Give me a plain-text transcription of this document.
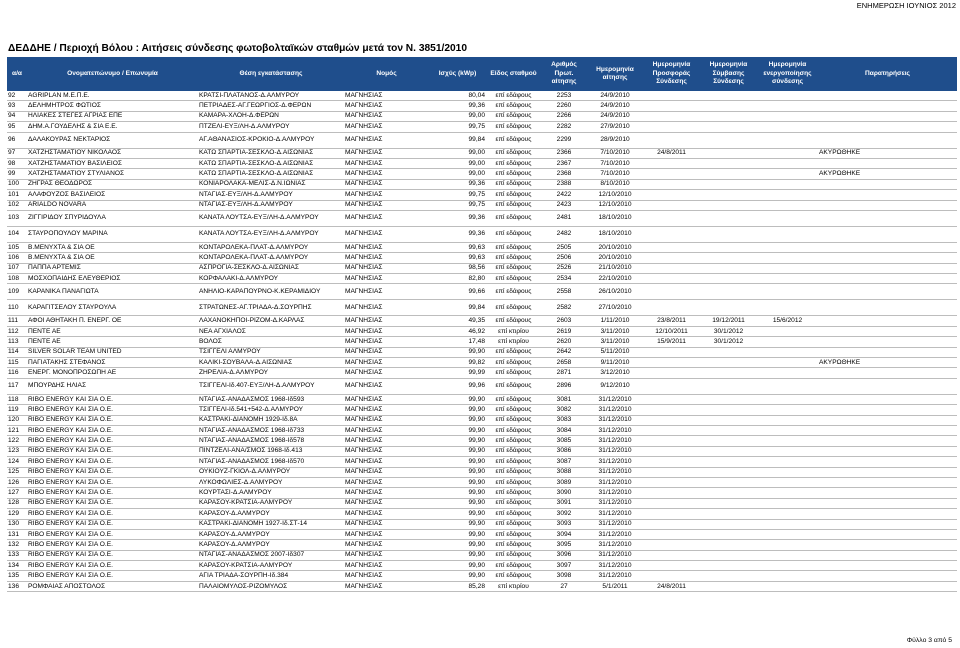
ΕΝΗΜΕΡΩΣΗ ΙΟΥΝΙΟΣ 2012
ΔΕΔΔΗΕ / Περιοχή Βόλου : Αιτήσεις σύνδεσης φωτοβολταϊκών σταθμών μετά τον Ν. 3851/2010
α/α	Ονοματεπώνυμο / Επωνυμία	Θέση εγκατάστασης	Νομός	Ισχύς (kWp)	Είδος σταθμού	Αριθμός Πρωτ. αίτησης	Ημερομηνία αίτησης	Ημερομηνία Προσφοράς Σύνδεσης	Ημερομηνία Σύμβασης Σύνδεσης	Ημερομηνία ενεργοποίησης σύνδεσης	Παρατηρήσεις
92	AGRIPLAN M.E.Π.E.	ΚΡΑΤΣΙ-ΠΛΑΤΑΝΟΣ-Δ.ΑΛΜΥΡΟΥ	ΜΑΓΝΗΣΙΑΣ	80,04	επί εδάφους	2253	24/9/2010				
93	ΔΕΛΗΜΗΤΡΟΣ ΦΩΤΙΟΣ	ΠΕΤΡΙΑΔΕΣ-ΑΓ.ΓΕΩΡΓΙΟΣ-Δ.ΦΕΡΩΝ	ΜΑΓΝΗΣΙΑΣ	99,36	επί εδάφους	2260	24/9/2010				
94	ΗΛΙΑΚΕΣ ΣΤΕΓΕΣ ΑΓΡΙΑΣ ΕΠΕ	ΚΑΜΑΡΑ-ΧΛΟΗ-Δ.ΦΕΡΩΝ	ΜΑΓΝΗΣΙΑΣ	99,00	επί εδάφους	2266	24/9/2010				
95	ΔΗΜ.Α.ΓΟΥΔΕΛΗΣ & ΣΙΑ Ε.Ε.	ΠΤΖΕΛΙ-ΕΥΞ/ΛΗ-Δ.ΑΛΜΥΡΟΥ	ΜΑΓΝΗΣΙΑΣ	99,75	επί εδάφους	2282	27/9/2010				
96	ΔΑΛΑΚΟΥΡΑΣ ΝΕΚΤΑΡΙΟΣ	ΑΓ.ΑΘΑΝΑΣΙΟΣ-ΚΡΟΚΙΟ-Δ.ΑΛΜΥΡΟΥ	ΜΑΓΝΗΣΙΑΣ	99,84	επί εδάφους	2299	28/9/2010				
97	ΧΑΤΖΗΣΤΑΜΑΤΙΟΥ ΝΙΚΟΛΑΟΣ	ΚΑΤΩ ΣΠΑΡΤΙΑ-ΣΕΣΚΛΟ-Δ.ΑΙΣΩΝΙΑΣ	ΜΑΓΝΗΣΙΑΣ	99,00	επί εδάφους	2366	7/10/2010	24/8/2011			ΑΚΥΡΩΘΗΚΕ
98	ΧΑΤΖΗΣΤΑΜΑΤΙΟΥ ΒΑΣΙΛΕΙΟΣ	ΚΑΤΩ ΣΠΑΡΤΙΑ-ΣΕΣΚΛΟ-Δ.ΑΙΣΩΝΙΑΣ	ΜΑΓΝΗΣΙΑΣ	99,00	επί εδάφους	2367	7/10/2010				
99	ΧΑΤΖΗΣΤΑΜΑΤΙΟΥ ΣΤΥΛΙΑΝΟΣ	ΚΑΤΩ ΣΠΑΡΤΙΑ-ΣΕΣΚΛΟ-Δ.ΑΙΣΩΝΙΑΣ	ΜΑΓΝΗΣΙΑΣ	99,00	επί εδάφους	2368	7/10/2010				ΑΚΥΡΩΘΗΚΕ
100	ΖΗΓΡΑΣ ΘΕΟΔΩΡΟΣ	ΚΟΝΙΑΡΟΛΑΚΑ-ΜΕΛΙΣ-Δ.Ν.ΙΩΝΙΑΣ	ΜΑΓΝΗΣΙΑΣ	99,36	επί εδάφους	2388	8/10/2010				
101	ΑΛΑΦΟΥΖΟΣ ΒΑΣΙΛΕΙΟΣ	ΝΤΑΓΙΑΣ-ΕΥΞ/ΛΗ-Δ.ΑΛΜΥΡΟΥ	ΜΑΓΝΗΣΙΑΣ	99,75	επί εδάφους	2422	12/10/2010				
102	ARIALDO NOVARA	ΝΤΑΓΙΑΣ-ΕΥΞ/ΛΗ-Δ.ΑΛΜΥΡΟΥ	ΜΑΓΝΗΣΙΑΣ	99,75	επί εδάφους	2423	12/10/2010				
103	ΖΙΓΓΙΡΙΔΟΥ ΣΠΥΡΙΔΟΥΛΑ	ΚΑΝΑΤΑ ΛΟΥΤΣΑ-ΕΥΞ/ΛΗ-Δ.ΑΛΜΥΡΟΥ	ΜΑΓΝΗΣΙΑΣ	99,36	επί εδάφους	2481	18/10/2010				
104	ΣΤΑΥΡΟΠΟΥΛΟΥ ΜΑΡΙΝΑ	ΚΑΝΑΤΑ ΛΟΥΤΣΑ-ΕΥΞ/ΛΗ-Δ.ΑΛΜΥΡΟΥ	ΜΑΓΝΗΣΙΑΣ	99,36	επί εδάφους	2482	18/10/2010				
105	Β.ΜΕΝΥΧΤΑ & ΣΙΑ ΟΕ	ΚΟΝΤΑΡΟΛΕΚΑ-ΠΛΑΤ-Δ.ΑΛΜΥΡΟΥ	ΜΑΓΝΗΣΙΑΣ	99,63	επί εδάφους	2505	20/10/2010				
106	Β.ΜΕΝΥΧΤΑ & ΣΙΑ ΟΕ	ΚΟΝΤΑΡΟΛΕΚΑ-ΠΛΑΤ-Δ.ΑΛΜΥΡΟΥ	ΜΑΓΝΗΣΙΑΣ	99,63	επί εδάφους	2506	20/10/2010				
107	ΠΑΠΠΑ ΑΡΤΕΜΙΣ	ΑΣΠΡΟΓΙΑ-ΣΕΣΚΛΟ-Δ.ΑΙΣΩΝΙΑΣ	ΜΑΓΝΗΣΙΑΣ	98,56	επί εδάφους	2526	21/10/2010				
108	ΜΟΣΧΟΠΑΙΔΗΣ ΕΛΕΥΘΕΡΙΟΣ	ΚΟΡΦΑΛΑΚΙ-Δ.ΑΛΜΥΡΟΥ	ΜΑΓΝΗΣΙΑΣ	82,80	επί εδάφους	2534	22/10/2010				
109	ΚΑΡΑΝΙΚΑ ΠΑΝΑΓΙΩΤΑ	ΑΝΗΛΙΟ-ΚΑΡΑΠΟΥΡΝΟ-Κ.ΚΕΡΑΜΙΔΙΟΥ	ΜΑΓΝΗΣΙΑΣ	99,66	επί εδάφους	2558	26/10/2010				
110	ΚΑΡΑΓΙΤΣΕΛΟΥ ΣΤΑΥΡΟΥΛΑ	ΣΤΡΑΤΩΝΕΣ-ΑΓ.ΤΡΙΑΔΑ-Δ.ΣΟΥΡΠΗΣ	ΜΑΓΝΗΣΙΑΣ	99,84	επί εδάφους	2582	27/10/2010				
111	ΑΦΟΙ ΑΘΗΤΑΚΗ Π. ΕΝΕΡΓ. ΟΕ	ΛΑΧΑΝΟΚΗΠΟΙ-ΡΙΖΟΜ-Δ.ΚΑΡΛΑΣ	ΜΑΓΝΗΣΙΑΣ	49,35	επί εδάφους	2603	1/11/2010	23/8/2011	19/12/2011	15/6/2012	
112	ΠΕΝΤΕ ΑΕ	ΝΕΑ ΑΓΧΙΑΛΟΣ	ΜΑΓΝΗΣΙΑΣ	46,92	επί κτιρίου	2619	3/11/2010	12/10/2011	30/1/2012		
113	ΠΕΝΤΕ ΑΕ	ΒΟΛΟΣ	ΜΑΓΝΗΣΙΑΣ	17,48	επί κτιρίου	2620	3/11/2010	15/9/2011	30/1/2012		
114	SILVER SOLAR TEAM UNITED	ΤΣΙΓΓΕΛΙ ΑΛΜΥΡΟΥ	ΜΑΓΝΗΣΙΑΣ	99,90	επί εδάφους	2642	5/11/2010				
115	ΠΑΓΙΑΤΑΚΗΣ ΣΤΕΦΑΝΟΣ	ΚΑΛΙΚΙ-ΣΟΥΒΑΛΑ-Δ.ΑΙΣΩΝΙΑΣ	ΜΑΓΝΗΣΙΑΣ	99,82	επί εδάφους	2658	9/11/2010				ΑΚΥΡΩΘΗΚΕ
116	ΕΝΕΡΓ. ΜΟΝΟΠΡΟΣΩΠΗ ΑΕ	ΖΗΡΕΛΙΑ-Δ.ΑΛΜΥΡΟΥ	ΜΑΓΝΗΣΙΑΣ	99,99	επί εδάφους	2871	3/12/2010				
117	ΜΠΟΥΡΔΗΣ ΗΛΙΑΣ	ΤΣΙΓΓΕΛΙ-Ιδ.407-ΕΥΞ/ΛΗ-Δ.ΑΛΜΥΡΟΥ	ΜΑΓΝΗΣΙΑΣ	99,96	επί εδάφους	2896	9/12/2010				
118	RIBO ENERGY ΚΑΙ ΣΙΑ Ο.Ε.	ΝΤΑΓΙΑΣ-ΑΝΑΔΑΣΜΟΣ 1968-Ιδ593	ΜΑΓΝΗΣΙΑΣ	99,90	επί εδάφους	3081	31/12/2010				
119	RIBO ENERGY ΚΑΙ ΣΙΑ Ο.Ε.	ΤΣΙΓΓΕΛΙ-Ιδ.541+542-Δ.ΑΛΜΥΡΟΥ	ΜΑΓΝΗΣΙΑΣ	99,90	επί εδάφους	3082	31/12/2010				
120	RIBO ENERGY ΚΑΙ ΣΙΑ Ο.Ε.	ΚΑΣΤΡΑΚΙ-ΔΙΑΝΟΜΗ 1929-Ιδ.8Α	ΜΑΓΝΗΣΙΑΣ	99,90	επί εδάφους	3083	31/12/2010				
121	RIBO ENERGY ΚΑΙ ΣΙΑ Ο.Ε.	ΝΤΑΓΙΑΣ-ΑΝΑΔΑΣΜΟΣ 1968-Ιδ733	ΜΑΓΝΗΣΙΑΣ	99,90	επί εδάφους	3084	31/12/2010				
122	RIBO ENERGY ΚΑΙ ΣΙΑ Ο.Ε.	ΝΤΑΓΙΑΣ-ΑΝΑΔΑΣΜΟΣ 1968-Ιδ578	ΜΑΓΝΗΣΙΑΣ	99,90	επί εδάφους	3085	31/12/2010				
123	RIBO ENERGY ΚΑΙ ΣΙΑ Ο.Ε.	ΠΙΝΤΖΕΛΙ-ΑΝΑ/ΣΜΟΣ 1968-Ιδ.413	ΜΑΓΝΗΣΙΑΣ	99,90	επί εδάφους	3086	31/12/2010				
124	RIBO ENERGY ΚΑΙ ΣΙΑ Ο.Ε.	ΝΤΑΓΙΑΣ-ΑΝΑΔΑΣΜΟΣ 1968-Ιδ570	ΜΑΓΝΗΣΙΑΣ	99,90	επί εδάφους	3087	31/12/2010				
125	RIBO ENERGY ΚΑΙ ΣΙΑ Ο.Ε.	ΟΥΚΙΟΥΖ-ΓΚΙΟΛ-Δ.ΑΛΜΥΡΟΥ	ΜΑΓΝΗΣΙΑΣ	99,90	επί εδάφους	3088	31/12/2010				
126	RIBO ENERGY ΚΑΙ ΣΙΑ Ο.Ε.	ΛΥΚΟΦΩΛΙΕΣ-Δ.ΑΛΜΥΡΟΥ	ΜΑΓΝΗΣΙΑΣ	99,90	επί εδάφους	3089	31/12/2010				
127	RIBO ENERGY ΚΑΙ ΣΙΑ Ο.Ε.	ΚΟΥΡΤΑΣΙ-Δ.ΑΛΜΥΡΟΥ	ΜΑΓΝΗΣΙΑΣ	99,90	επί εδάφους	3090	31/12/2010				
128	RIBO ENERGY ΚΑΙ ΣΙΑ Ο.Ε.	ΚΑΡΑΣΟΥ-ΚΡΑΤΣΙΑ-ΑΛΜΥΡΟΥ	ΜΑΓΝΗΣΙΑΣ	99,90	επί εδάφους	3091	31/12/2010				
129	RIBO ENERGY ΚΑΙ ΣΙΑ Ο.Ε.	ΚΑΡΑΣΟΥ-Δ.ΑΛΜΥΡΟΥ	ΜΑΓΝΗΣΙΑΣ	99,90	επί εδάφους	3092	31/12/2010				
130	RIBO ENERGY ΚΑΙ ΣΙΑ Ο.Ε.	ΚΑΣΤΡΑΚΙ-ΔΙΑΝΟΜΗ 1927-Ιδ.ΣΤ-14	ΜΑΓΝΗΣΙΑΣ	99,90	επί εδάφους	3093	31/12/2010				
131	RIBO ENERGY ΚΑΙ ΣΙΑ Ο.Ε.	ΚΑΡΑΣΟΥ-Δ.ΑΛΜΥΡΟΥ	ΜΑΓΝΗΣΙΑΣ	99,90	επί εδάφους	3094	31/12/2010				
132	RIBO ENERGY ΚΑΙ ΣΙΑ Ο.Ε.	ΚΑΡΑΣΟΥ-Δ.ΑΛΜΥΡΟΥ	ΜΑΓΝΗΣΙΑΣ	99,90	επί εδάφους	3095	31/12/2010				
133	RIBO ENERGY ΚΑΙ ΣΙΑ Ο.Ε.	ΝΤΑΓΙΑΣ-ΑΝΑΔΑΣΜΟΣ 2007-Ιδ307	ΜΑΓΝΗΣΙΑΣ	99,90	επί εδάφους	3096	31/12/2010				
134	RIBO ENERGY ΚΑΙ ΣΙΑ Ο.Ε.	ΚΑΡΑΣΟΥ-ΚΡΑΤΣΙΑ-ΑΛΜΥΡΟΥ	ΜΑΓΝΗΣΙΑΣ	99,90	επί εδάφους	3097	31/12/2010				
135	RIBO ENERGY ΚΑΙ ΣΙΑ Ο.Ε.	ΑΓΙΑ ΤΡΙΑΔΑ-ΣΟΥΡΠΗ-Ιδ.384	ΜΑΓΝΗΣΙΑΣ	99,90	επί εδάφους	3098	31/12/2010				
136	ΡΟΜΦΑΙΑΣ ΑΠΟΣΤΟΛΟΣ	ΠΑΛΑΙΟΜΥΛΟΣ-ΡΙΖΟΜΥΛΟΣ	ΜΑΓΝΗΣΙΑΣ	85,28	επί κτιρίου	27	5/1/2011	24/8/2011			
Φύλλο 3 από 5
